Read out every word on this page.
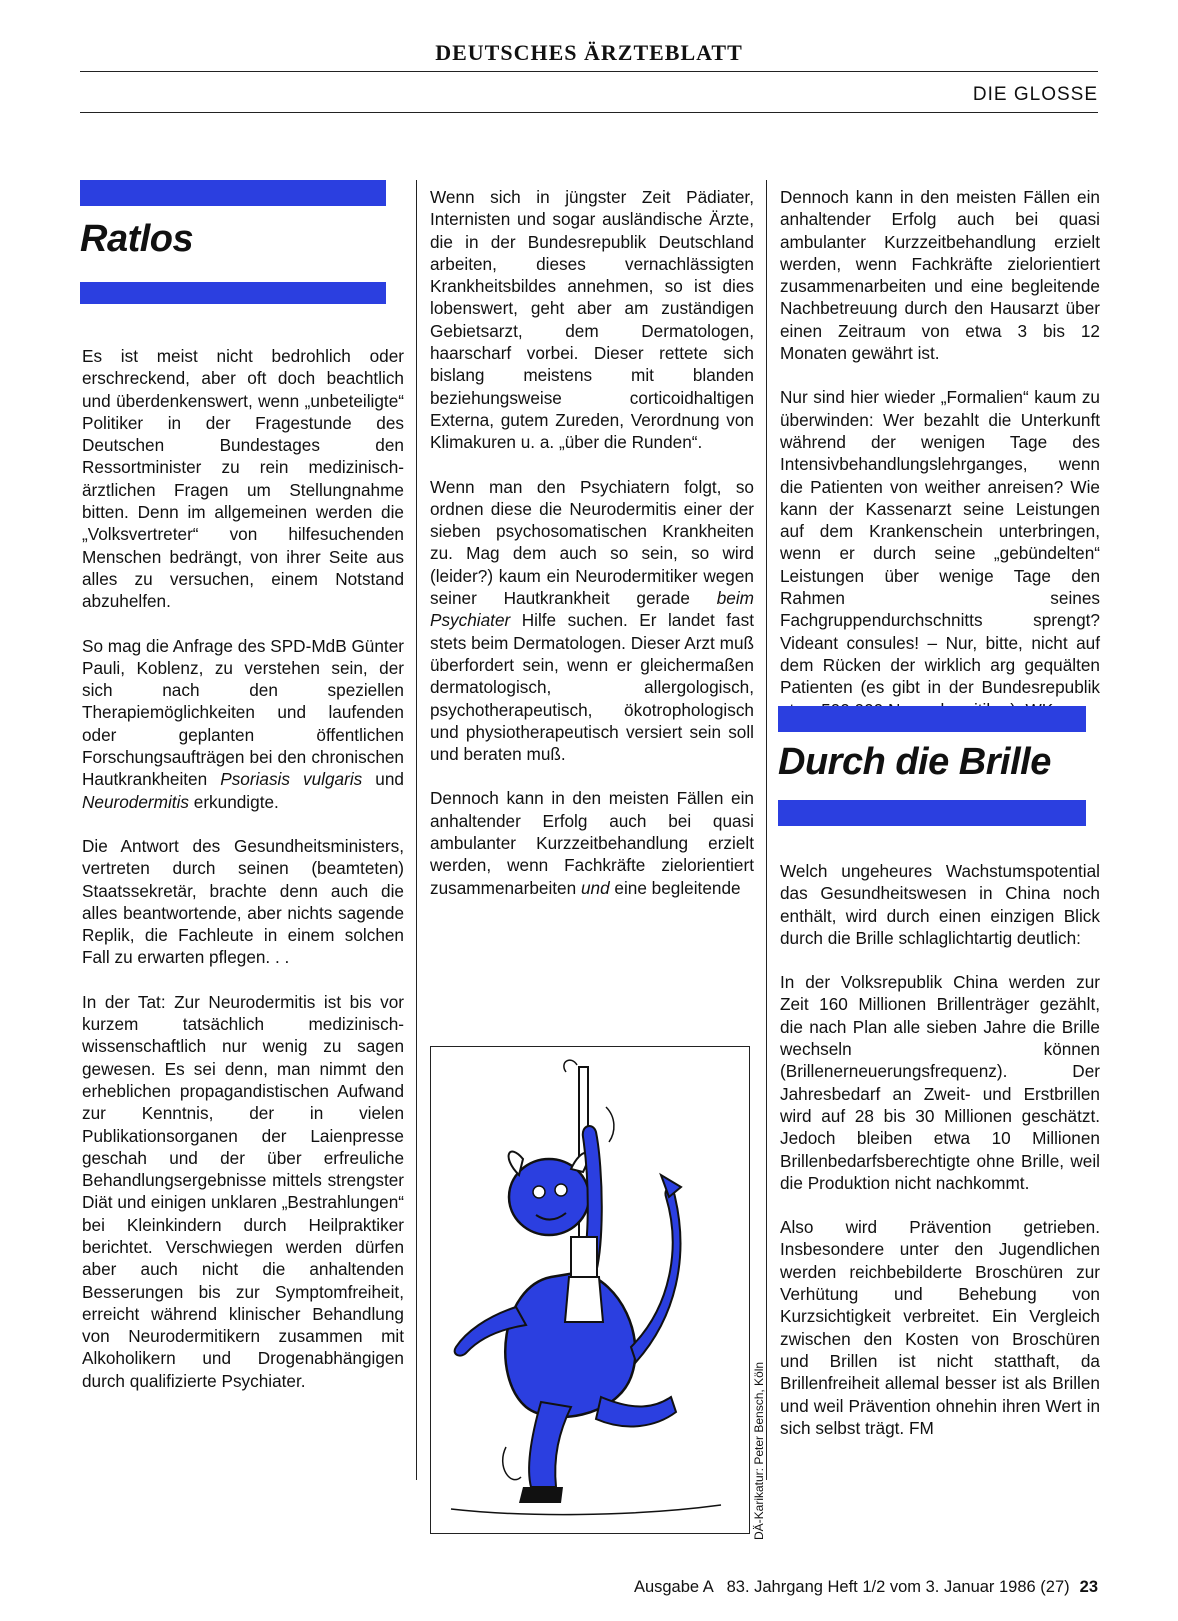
DEUTSCHES ÄRZTEBLATT
DIE GLOSSE
Ratlos

Es ist meist nicht bedrohlich oder erschreckend, aber oft doch beachtlich und überdenkenswert, wenn „unbeteiligte“ Politiker in der Fragestunde des Deutschen Bundestages den Ressortminister zu rein medizinisch-ärztlichen Fragen um Stellungnahme bitten. Denn im allgemeinen werden die „Volksvertreter“ von hilfesuchenden Menschen bedrängt, von ihrer Seite aus alles zu versuchen, einem Notstand abzuhelfen.

So mag die Anfrage des SPD-MdB Günter Pauli, Koblenz, zu verstehen sein, der sich nach den speziellen Therapiemöglichkeiten und laufenden oder geplanten öffentlichen Forschungsaufträgen bei den chronischen Hautkrankheiten Psoriasis vulgaris und Neurodermitis erkundigte.

Die Antwort des Gesundheitsministers, vertreten durch seinen (beamteten) Staatssekretär, brachte denn auch die alles beantwortende, aber nichts sagende Replik, die Fachleute in einem solchen Fall zu erwarten pflegen. . .

In der Tat: Zur Neurodermitis ist bis vor kurzem tatsächlich medizinisch-wissenschaftlich nur wenig zu sagen gewesen. Es sei denn, man nimmt den erheblichen propagandistischen Aufwand zur Kenntnis, der in vielen Publikationsorganen der Laienpresse geschah und der über erfreuliche Behandlungsergebnisse mittels strengster Diät und einigen unklaren „Bestrahlungen“ bei Kleinkindern durch Heilpraktiker berichtet. Verschwiegen werden dürfen aber auch nicht die anhaltenden Besserungen bis zur Symptomfreiheit, erreicht während klinischer Behandlung von Neurodermitikern zusammen mit Alkoholikern und Drogenabhängigen durch qualifizierte Psychiater.

Wenn sich in jüngster Zeit Pädiater, Internisten und sogar ausländische Ärzte, die in der Bundesrepublik Deutschland arbeiten, dieses vernachlässigten Krankheitsbildes annehmen, so ist dies lobenswert, geht aber am zuständigen Gebietsarzt, dem Dermatologen, haarscharf vorbei. Dieser rettete sich bislang meistens mit blanden beziehungsweise corticoidhaltigen Externa, gutem Zureden, Verordnung von Klimakuren u. a. „über die Runden“.

Wenn man den Psychiatern folgt, so ordnen diese die Neurodermitis einer der sieben psychosomatischen Krankheiten zu. Mag dem auch so sein, so wird (leider?) kaum ein Neurodermitiker wegen seiner Hautkrankheit gerade beim Psychiater Hilfe suchen. Er landet fast stets beim Dermatologen. Dieser Arzt muß überfordert sein, wenn er gleichermaßen dermatologisch, allergologisch, psychotherapeutisch, ökotrophologisch und physiotherapeutisch versiert sein soll und beraten muß.

Dennoch kann in den meisten Fällen ein anhaltender Erfolg auch bei quasi ambulanter Kurzzeitbehandlung erzielt werden, wenn Fachkräfte zielorientiert zusammenarbeiten und eine begleitende

DÄ-Karikatur: Peter Bensch, Köln

Dennoch kann in den meisten Fällen ein anhaltender Erfolg auch bei quasi ambulanter Kurzzeitbehandlung erzielt werden, wenn Fachkräfte zielorientiert zusammenarbeiten und eine begleitende Nachbetreuung durch den Hausarzt über einen Zeitraum von etwa 3 bis 12 Monaten gewährt ist.

Nur sind hier wieder „Formalien“ kaum zu überwinden: Wer bezahlt die Unterkunft während der wenigen Tage des Intensivbehandlungslehrganges, wenn die Patienten von weither anreisen? Wie kann der Kassenarzt seine Leistungen auf dem Krankenschein unterbringen, wenn er durch seine „gebündelten“ Leistungen über wenige Tage den Rahmen seines Fachgruppendurchschnitts sprengt? Videant consules! – Nur, bitte, nicht auf dem Rücken der wirklich arg gequälten Patienten (es gibt in der Bundesrepublik

Durch die Brille

Welch ungeheures Wachstumspotential das Gesundheitswesen in China noch enthält, wird durch einen einzigen Blick durch die Brille schlaglichtartig deutlich:

In der Volksrepublik China werden zur Zeit 160 Millionen Brillenträger gezählt, die nach Plan alle sieben Jahre die Brille wechseln können (Brillenerneuerungsfrequenz). Der Jahresbedarf an Zweit- und Erstbrillen wird auf 28 bis 30 Millionen geschätzt. Jedoch bleiben etwa 10 Millionen Brillenbedarfsberechtigte ohne Brille, weil die Produktion nicht nachkommt.

Also wird Prävention getrieben. Insbesondere unter den Jugendlichen werden reichbebilderte Broschüren zur Verhütung und Behebung von Kurzsichtigkeit verbreitet. Ein Vergleich zwischen den Kosten von Broschüren und Brillen ist nicht statthaft, da Brillenfreiheit allemal besser ist als Brillen und weil Prävention ohnehin ihren Wert in sich selbst trägt. FM

Ausgabe A   83. Jahrgang Heft 1/2 vom 3. Januar 1986 (27) 23
